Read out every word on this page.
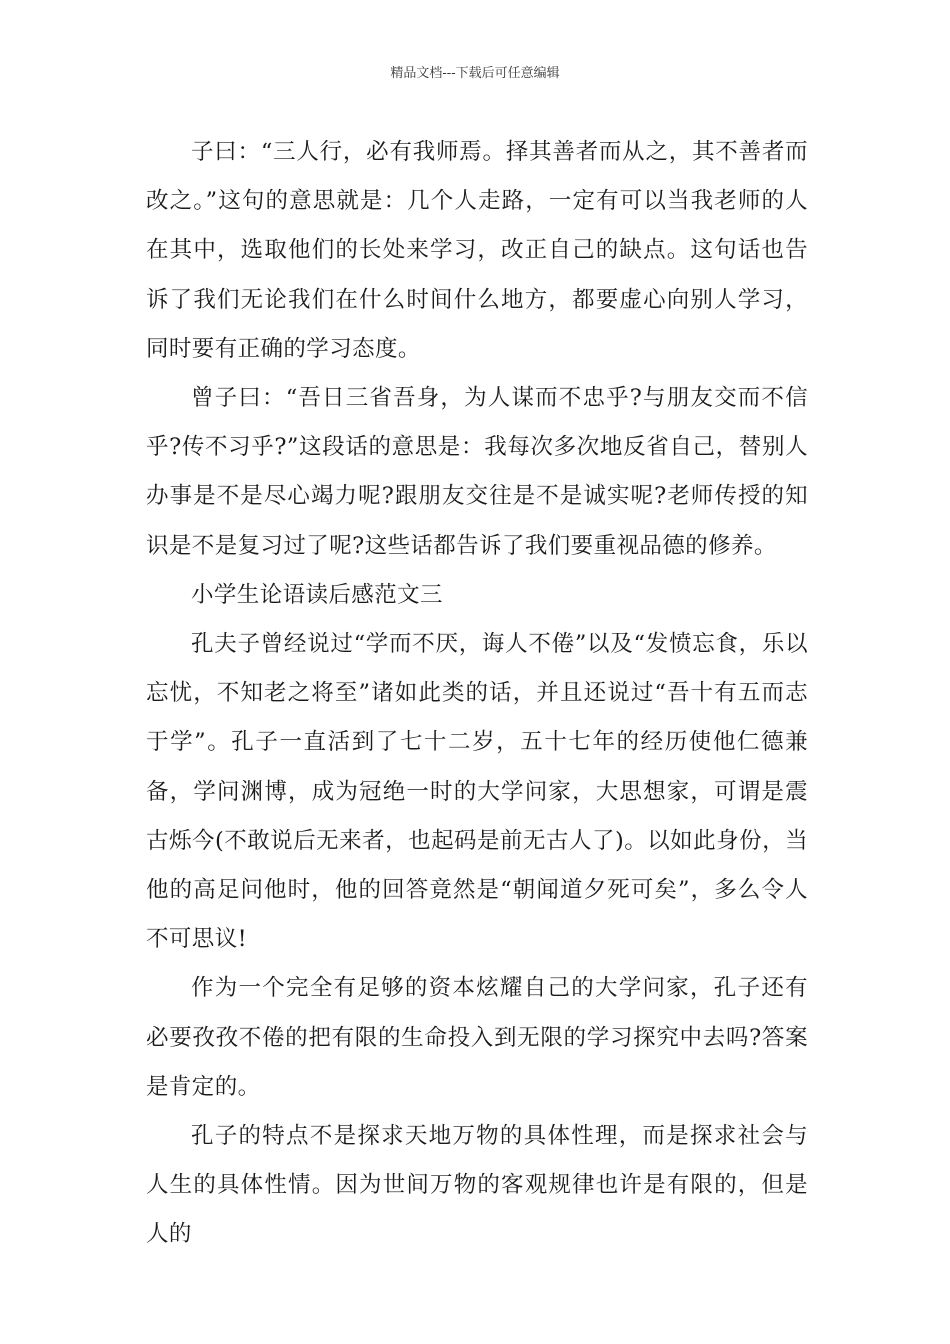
精品文档---下载后可任意编辑

子曰：“三人行，必有我师焉。择其善者而从之，其不善者而改之。”这句的意思就是：几个人走路，一定有可以当我老师的人在其中，选取他们的长处来学习，改正自己的缺点。这句话也告诉了我们无论我们在什么时间什么地方，都要虚心向别人学习，同时要有正确的学习态度。

曾子曰：“吾日三省吾身，为人谋而不忠乎?与朋友交而不信乎?传不习乎?”这段话的意思是：我每次多次地反省自己，替别人办事是不是尽心竭力呢?跟朋友交往是不是诚实呢?老师传授的知识是不是复习过了呢?这些话都告诉了我们要重视品德的修养。

小学生论语读后感范文三

孔夫子曾经说过“学而不厌，诲人不倦”以及“发愤忘食，乐以忘忧，不知老之将至”诸如此类的话，并且还说过“吾十有五而志于学”。孔子一直活到了七十二岁，五十七年的经历使他仁德兼备，学问渊博，成为冠绝一时的大学问家，大思想家，可谓是震古烁今(不敢说后无来者，也起码是前无古人了)。以如此身份，当他的高足问他时，他的回答竟然是“朝闻道夕死可矣”，多么令人不可思议!

作为一个完全有足够的资本炫耀自己的大学问家，孔子还有必要孜孜不倦的把有限的生命投入到无限的学习探究中去吗?答案是肯定的。

孔子的特点不是探求天地万物的具体性理，而是探求社会与人生的具体性情。因为世间万物的客观规律也许是有限的，但是人的
